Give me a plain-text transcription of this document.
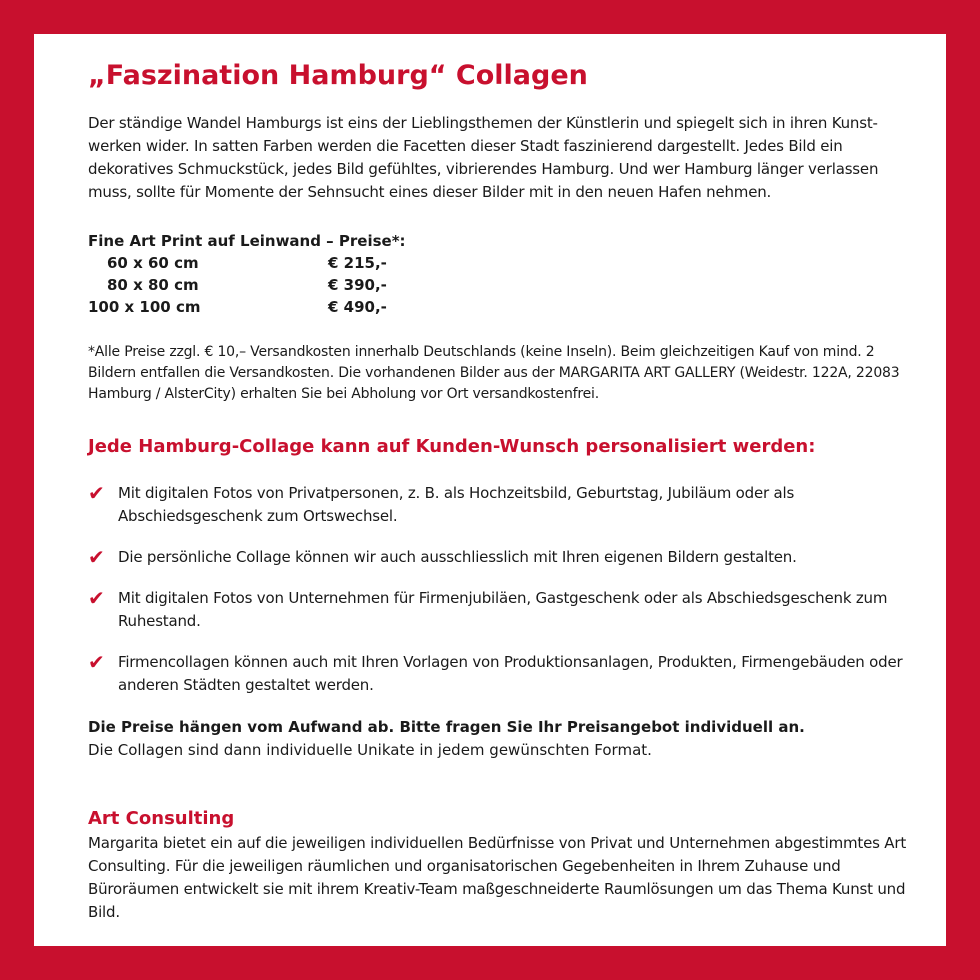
„Faszination Hamburg“ Collagen
Der ständige Wandel Hamburgs ist eins der Lieblingsthemen der Künstlerin und spiegelt sich in ihren Kunst-werken wider. In satten Farben werden die Facetten dieser Stadt faszinierend dargestellt. Jedes Bild ein dekoratives Schmuckstück, jedes Bild gefühltes, vibrierendes Hamburg. Und wer Hamburg länger verlassen muss, sollte für Momente der Sehnsucht eines dieser Bilder mit in den neuen Hafen nehmen.
Fine Art Print auf Leinwand – Preise*:
60 x 60 cm	€ 215,-
80 x 80 cm	€ 390,-
100 x 100 cm	€ 490,-
*Alle Preise zzgl. € 10,– Versandkosten innerhalb Deutschlands (keine Inseln). Beim gleichzeitigen Kauf von mind. 2 Bildern entfallen die Versandkosten. Die vorhandenen Bilder aus der MARGARITA ART GALLERY (Weidestr. 122A, 22083 Hamburg / AlsterCity) erhalten Sie bei Abholung vor Ort versandkostenfrei.
Jede Hamburg-Collage kann auf Kunden-Wunsch personalisiert werden:
✔ Mit digitalen Fotos von Privatpersonen, z. B. als Hochzeitsbild, Geburtstag, Jubiläum oder als Abschiedsgeschenk zum Ortswechsel.
✔ Die persönliche Collage können wir auch ausschliesslich mit Ihren eigenen Bildern gestalten.
✔ Mit digitalen Fotos von Unternehmen für Firmenjubiläen, Gastgeschenk oder als Abschiedsgeschenk zum Ruhestand.
✔ Firmencollagen können auch mit Ihren Vorlagen von Produktionsanlagen, Produkten, Firmengebäuden oder anderen Städten gestaltet werden.
Die Preise hängen vom Aufwand ab. Bitte fragen Sie Ihr Preisangebot individuell an.
Die Collagen sind dann individuelle Unikate in jedem gewünschten Format.
Art Consulting
Margarita bietet ein auf die jeweiligen individuellen Bedürfnisse von Privat und Unternehmen abgestimmtes Art Consulting. Für die jeweiligen räumlichen und organisatorischen Gegebenheiten in Ihrem Zuhause und Büroräumen entwickelt sie mit ihrem Kreativ-Team maßgeschneiderte Raumlösungen um das Thema Kunst und Bild.
